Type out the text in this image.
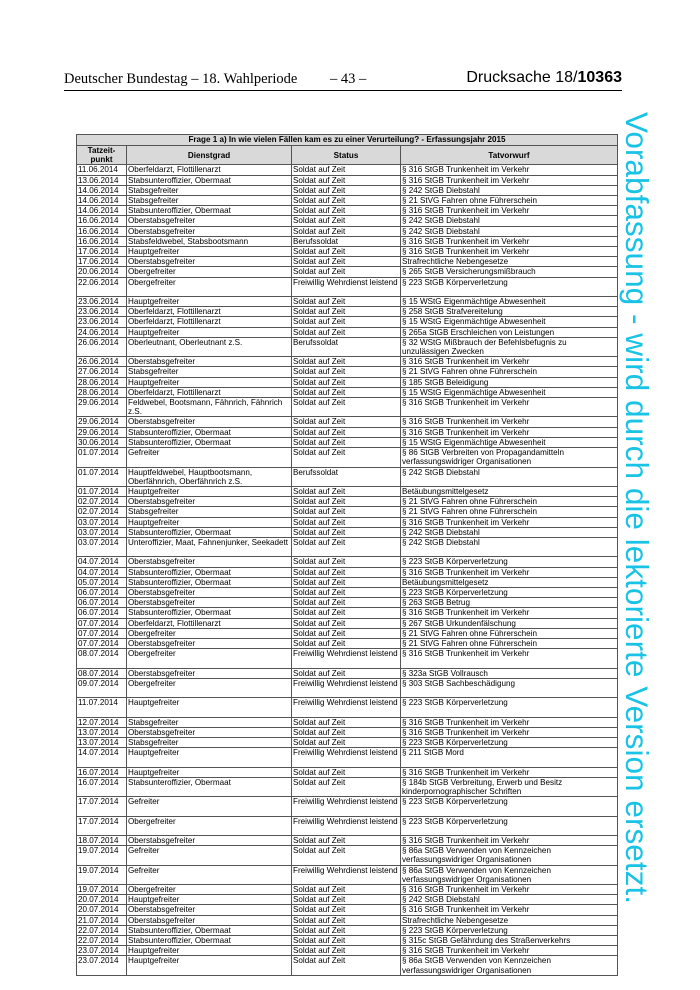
Deutscher Bundestag – 18. Wahlperiode – 43 –	Drucksache 18/10363
Vorabfassung - wird durch die lektorierte Version ersetzt.
Frage 1 a) In wie vielen Fällen kam es zu einer Verurteilung? - Erfassungsjahr 2015			
Tatzeit-punkt	Dienstgrad	Status	Tatvorwurf
11.06.2014	Oberfeldarzt, Flottillenarzt	Soldat auf Zeit	§ 316 StGB Trunkenheit im Verkehr
13.06.2014	Stabsunteroffizier, Obermaat	Soldat auf Zeit	§ 316 StGB Trunkenheit im Verkehr
14.06.2014	Stabsgefreiter	Soldat auf Zeit	§ 242 StGB Diebstahl
14.06.2014	Stabsgefreiter	Soldat auf Zeit	§ 21 StVG Fahren ohne Führerschein
14.06.2014	Stabsunteroffizier, Obermaat	Soldat auf Zeit	§ 316 StGB Trunkenheit im Verkehr
16.06.2014	Oberstabsgefreiter	Soldat auf Zeit	§ 242 StGB Diebstahl
16.06.2014	Oberstabsgefreiter	Soldat auf Zeit	§ 242 StGB Diebstahl
16.06.2014	Stabsfeldwebel, Stabsbootsmann	Berufssoldat	§ 316 StGB Trunkenheit im Verkehr
17.06.2014	Hauptgefreiter	Soldat auf Zeit	§ 316 StGB Trunkenheit im Verkehr
17.06.2014	Oberstabsgefreiter	Soldat auf Zeit	Strafrechtliche Nebengesetze
20.06.2014	Obergefreiter	Soldat auf Zeit	§ 265 StGB Versicherungsmißbrauch
22.06.2014	Obergefreiter	Freiwillig Wehrdienst leistend	§ 223 StGB Körperverletzung

23.06.2014	Hauptgefreiter	Soldat auf Zeit	§ 15 WStG Eigenmächtige Abwesenheit
23.06.2014	Oberfeldarzt, Flottillenarzt	Soldat auf Zeit	§ 258 StGB Strafvereitelung
23.06.2014	Oberfeldarzt, Flottillenarzt	Soldat auf Zeit	§ 15 WStG Eigenmächtige Abwesenheit
24.06.2014	Hauptgefreiter	Soldat auf Zeit	§ 265a StGB Erschleichen von Leistungen
26.06.2014	Oberleutnant, Oberleutnant z.S.	Berufssoldat	§ 32 WStG Mißbrauch der Befehlsbefugnis zu unzulässigen Zwecken
26.06.2014	Oberstabsgefreiter	Soldat auf Zeit	§ 316 StGB Trunkenheit im Verkehr
27.06.2014	Stabsgefreiter	Soldat auf Zeit	§ 21 StVG Fahren ohne Führerschein
28.06.2014	Hauptgefreiter	Soldat auf Zeit	§ 185 StGB Beleidigung
28.06.2014	Oberfeldarzt, Flottillenarzt	Soldat auf Zeit	§ 15 WStG Eigenmächtige Abwesenheit
29.06.2014	Feldwebel, Bootsmann, Fähnrich, Fähnrich z.S.	Soldat auf Zeit	§ 316 StGB Trunkenheit im Verkehr
29.06.2014	Oberstabsgefreiter	Soldat auf Zeit	§ 316 StGB Trunkenheit im Verkehr
29.06.2014	Stabsunteroffizier, Obermaat	Soldat auf Zeit	§ 316 StGB Trunkenheit im Verkehr
30.06.2014	Stabsunteroffizier, Obermaat	Soldat auf Zeit	§ 15 WStG Eigenmächtige Abwesenheit
01.07.2014	Gefreiter	Soldat auf Zeit	§ 86 StGB Verbreiten von Propagandamitteln verfassungswidriger Organisationen
01.07.2014	Hauptfeldwebel, Hauptbootsmann, Oberfähnrich, Oberfähnrich z.S.	Berufssoldat	§ 242 StGB Diebstahl
01.07.2014	Hauptgefreiter	Soldat auf Zeit	Betäubungsmittelgesetz
02.07.2014	Oberstabsgefreiter	Soldat auf Zeit	§ 21 StVG Fahren ohne Führerschein
02.07.2014	Stabsgefreiter	Soldat auf Zeit	§ 21 StVG Fahren ohne Führerschein
03.07.2014	Hauptgefreiter	Soldat auf Zeit	§ 316 StGB Trunkenheit im Verkehr
03.07.2014	Stabsunteroffizier, Obermaat	Soldat auf Zeit	§ 242 StGB Diebstahl
03.07.2014	Unteroffizier, Maat, Fahnenjunker, Seekadett	Soldat auf Zeit	§ 242 StGB Diebstahl

04.07.2014	Oberstabsgefreiter	Soldat auf Zeit	§ 223 StGB Körperverletzung
04.07.2014	Stabsunteroffizier, Obermaat	Soldat auf Zeit	§ 316 StGB Trunkenheit im Verkehr
05.07.2014	Stabsunteroffizier, Obermaat	Soldat auf Zeit	Betäubungsmittelgesetz
06.07.2014	Oberstabsgefreiter	Soldat auf Zeit	§ 223 StGB Körperverletzung
06.07.2014	Oberstabsgefreiter	Soldat auf Zeit	§ 263 StGB Betrug
06.07.2014	Stabsunteroffizier, Obermaat	Soldat auf Zeit	§ 316 StGB Trunkenheit im Verkehr
07.07.2014	Oberfeldarzt, Flottillenarzt	Soldat auf Zeit	§ 267 StGB Urkundenfälschung
07.07.2014	Obergefreiter	Soldat auf Zeit	§ 21 StVG Fahren ohne Führerschein
07.07.2014	Oberstabsgefreiter	Soldat auf Zeit	§ 21 StVG Fahren ohne Führerschein
08.07.2014	Obergefreiter	Freiwillig Wehrdienst leistend	§ 316 StGB Trunkenheit im Verkehr

08.07.2014	Oberstabsgefreiter	Soldat auf Zeit	§ 323a StGB Vollrausch
09.07.2014	Obergefreiter	Freiwillig Wehrdienst leistend	§ 303 StGB Sachbeschädigung

11.07.2014	Hauptgefreiter	Freiwillig Wehrdienst leistend	§ 223 StGB Körperverletzung

12.07.2014	Stabsgefreiter	Soldat auf Zeit	§ 316 StGB Trunkenheit im Verkehr
13.07.2014	Oberstabsgefreiter	Soldat auf Zeit	§ 316 StGB Trunkenheit im Verkehr
13.07.2014	Stabsgefreiter	Soldat auf Zeit	§ 223 StGB Körperverletzung
14.07.2014	Hauptgefreiter	Freiwillig Wehrdienst leistend	§ 211 StGB Mord

16.07.2014	Hauptgefreiter	Soldat auf Zeit	§ 316 StGB Trunkenheit im Verkehr
16.07.2014	Stabsunteroffizier, Obermaat	Soldat auf Zeit	§ 184b StGB Verbreitung, Erwerb und Besitz kinderpornographischer Schriften
17.07.2014	Gefreiter	Freiwillig Wehrdienst leistend	§ 223 StGB Körperverletzung

17.07.2014	Obergefreiter	Freiwillig Wehrdienst leistend	§ 223 StGB Körperverletzung

18.07.2014	Oberstabsgefreiter	Soldat auf Zeit	§ 316 StGB Trunkenheit im Verkehr
19.07.2014	Gefreiter	Soldat auf Zeit	§ 86a StGB Verwenden von Kennzeichen verfassungswidriger Organisationen
19.07.2014	Gefreiter	Freiwillig Wehrdienst leistend	§ 86a StGB Verwenden von Kennzeichen verfassungswidriger Organisationen
19.07.2014	Obergefreiter	Soldat auf Zeit	§ 316 StGB Trunkenheit im Verkehr
20.07.2014	Hauptgefreiter	Soldat auf Zeit	§ 242 StGB Diebstahl
20.07.2014	Oberstabsgefreiter	Soldat auf Zeit	§ 316 StGB Trunkenheit im Verkehr
21.07.2014	Oberstabsgefreiter	Soldat auf Zeit	Strafrechtliche Nebengesetze
22.07.2014	Stabsunteroffizier, Obermaat	Soldat auf Zeit	§ 223 StGB Körperverletzung
22.07.2014	Stabsunteroffizier, Obermaat	Soldat auf Zeit	§ 315c StGB Gefährdung des Straßenverkehrs
23.07.2014	Hauptgefreiter	Soldat auf Zeit	§ 316 StGB Trunkenheit im Verkehr
23.07.2014	Hauptgefreiter	Soldat auf Zeit	§ 86a StGB Verwenden von Kennzeichen verfassungswidriger Organisationen
